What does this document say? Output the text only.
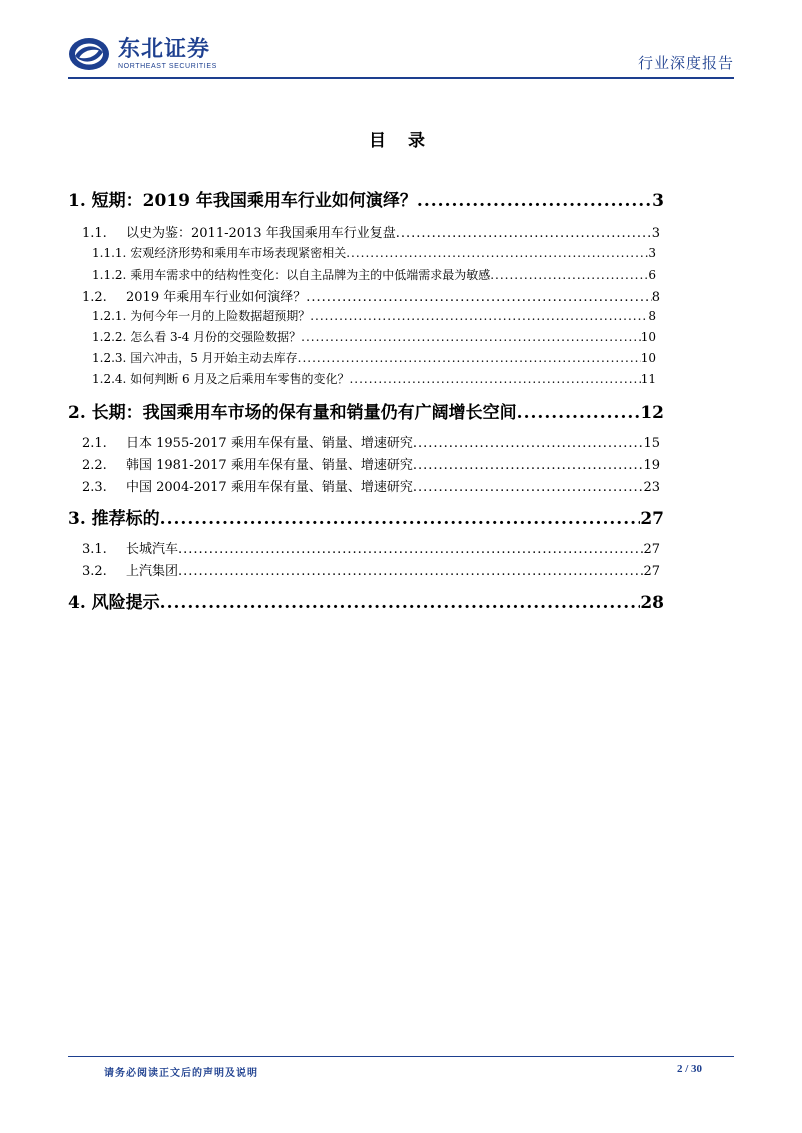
东北证券
NORTHEAST SECURITIES	行业深度报告
目 录
1. 短期：2019 年我国乘用车行业如何演绎？ .....	3
1.1. 以史为鉴：2011-2013 年我国乘用车行业复盘 .....	3
1.1.1. 宏观经济形势和乘用车市场表现紧密相关 .....	3
1.1.2. 乘用车需求中的结构性变化：以自主品牌为主的中低端需求最为敏感 .....	6
1.2. 2019 年乘用车行业如何演绎？ .....	8
1.2.1. 为何今年一月的上险数据超预期？ .....	8
1.2.2. 怎么看 3-4 月份的交强险数据？ .....	10
1.2.3. 国六冲击，5 月开始主动去库存 .....	10
1.2.4. 如何判断 6 月及之后乘用车零售的变化？ .....	11
2. 长期：我国乘用车市场的保有量和销量仍有广阔增长空间 .....	12
2.1. 日本 1955-2017 乘用车保有量、销量、增速研究 .....	15
2.2. 韩国 1981-2017 乘用车保有量、销量、增速研究 .....	19
2.3. 中国 2004-2017 乘用车保有量、销量、增速研究 .....	23
3. 推荐标的 .....	27
3.1. 长城汽车 .....	27
3.2. 上汽集团 .....	27
4. 风险提示 .....	28
请务必阅读正文后的声明及说明	2 / 30
